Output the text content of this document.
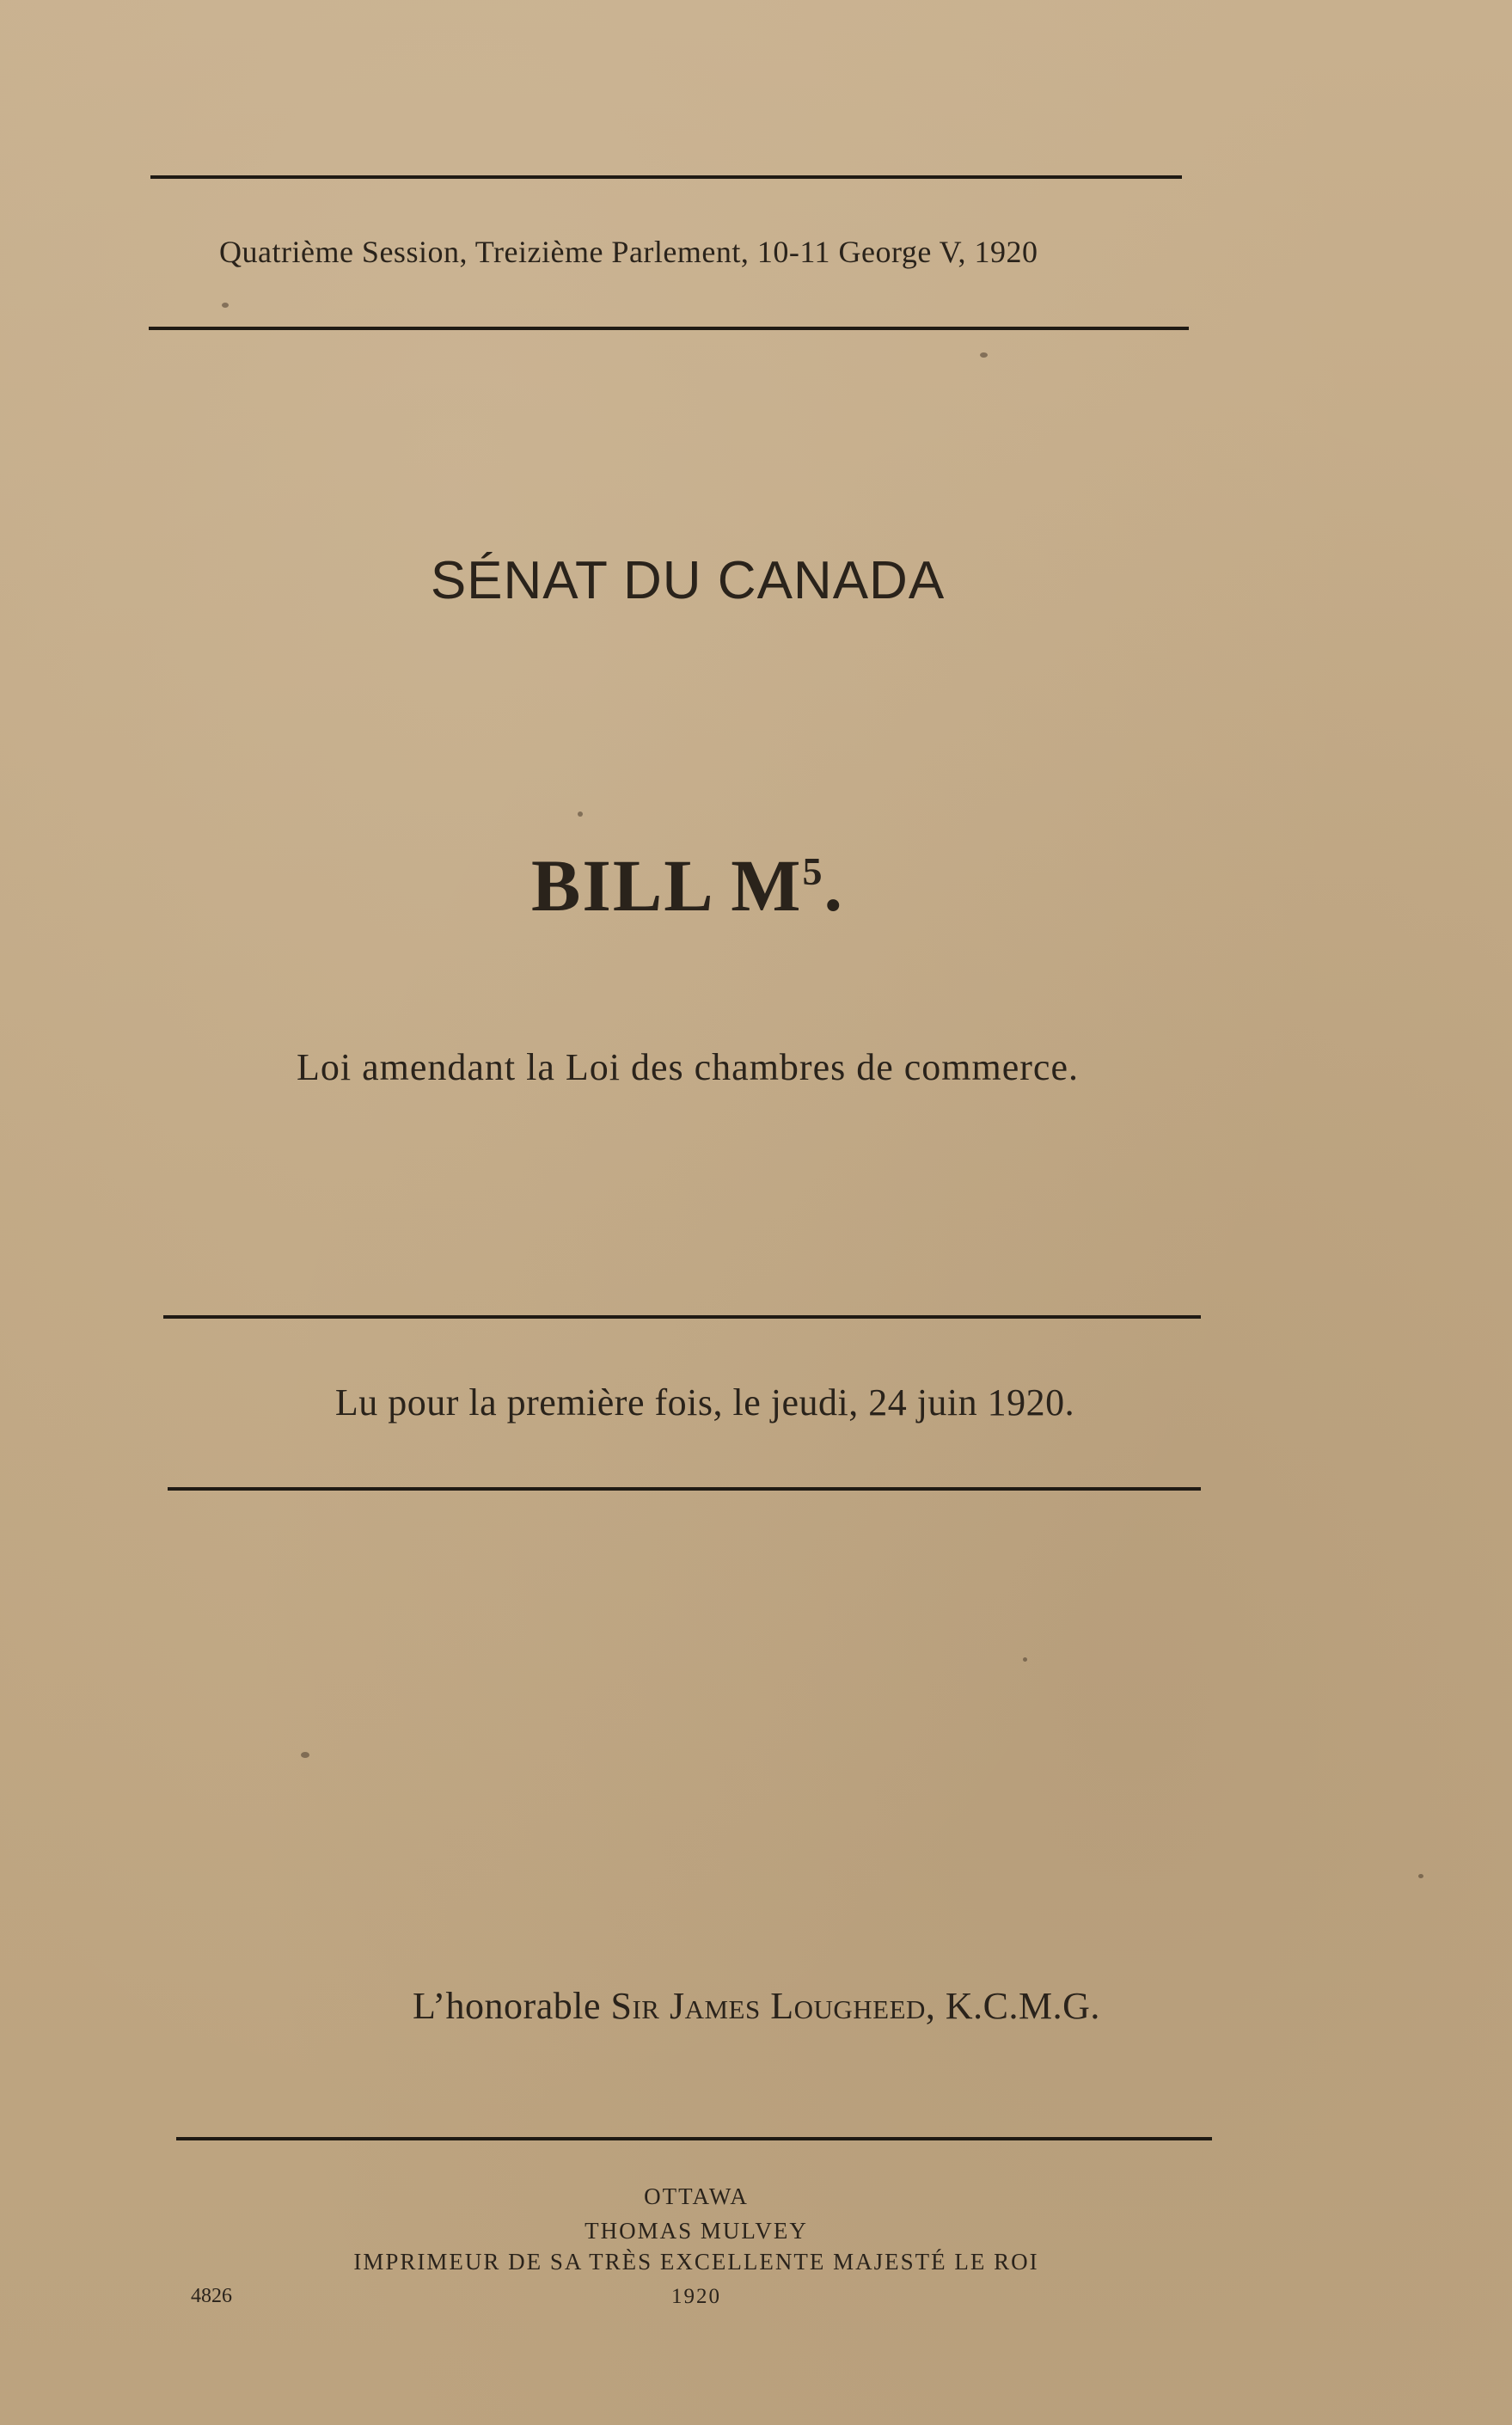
Quatrième Session, Treizième Parlement, 10-11 George V, 1920
SÉNAT DU CANADA
BILL $M^5$.
Loi amendant la Loi des chambres de commerce.
Lu pour la première fois, le jeudi, 24 juin 1920.
L’honorable Sir James Lougheed, K.C.M.G.
OTTAWA
THOMAS MULVEY
IMPRIMEUR DE SA TRÈS EXCELLENTE MAJESTÉ LE ROI
1920
4826
